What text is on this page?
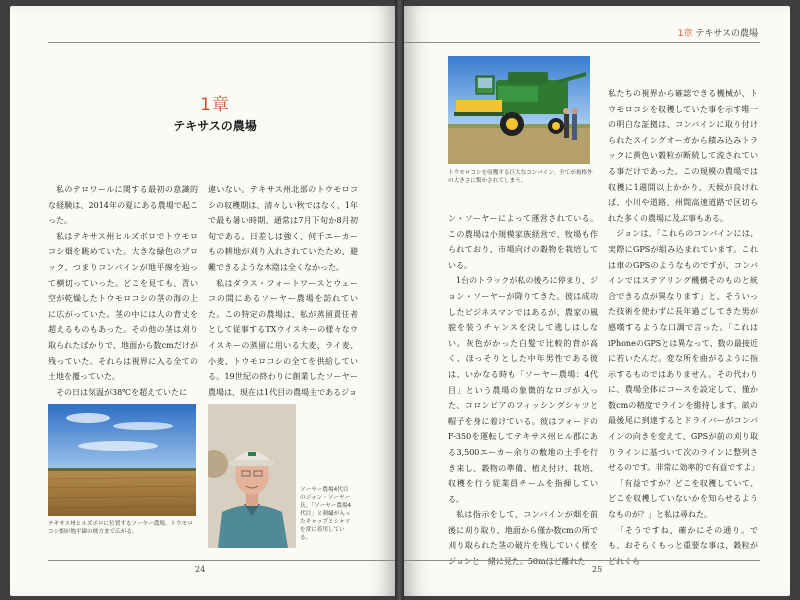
1章
テキサスの農場

私のテロワールに関する最初の意識的な経験は、2014年の夏にある農場で起こった。

私はテキサス州ヒルズボロでトウモロコシ畑を眺めていた。大きな緑色のブロック、つまりコンバインが地平線を辿って横切っていった。どこを見ても、青い空が乾燥したトウモロコシの茎の海の上に広がっていた。茎の中には人の背丈を超えるものもあった。その他の茎は刈り取られたばかりで、地面から数cmだけが残っていた。それらは視界に入る全ての土地を覆っていた。

その日は気温が38℃を超えていたに

違いない。テキサス州北部のトウモロコシの収穫期は、清々しい秋ではなく、1年で最も暑い時期、通常は7月下旬か8月初旬である。日差しは強く、何千エーカーもの耕地が刈り入れされていたため、避難できるような木陰は全くなかった。

私はダラス・フォートワースとウェーコの間にあるソーヤー農場を訪れていた。この特定の農場は、私が蒸留責任者として従事するTXウイスキーの様々なウイスキーの蒸留に用いる大麦、ライ麦、小麦、トウモロコシの全てを供給している。19世紀の終わりに創業したソーヤー農場は、現在は1代目の農場主であるジョ

テキサス州ヒルズボロに位置するソーヤー農場。トウモロコシ畑が地平線の彼方まで広がる。
ソーヤー農場4代目のジョン・ソーヤー氏。「ソーヤー農場4代目」と刺繍が入ったキャップとシャツを常に着用している。
24
1章 テキサスの農場
トウモロコシを収穫する巨大なコンバイン。全てが規格外の大きさに驚かされてしまう。

ン・ソーヤーによって運営されている。この農場は小規模家族経営で、牧場も作られており、市場向けの穀物を栽培している。

1台のトラックが私の後ろに停まり、ジョン・ソーヤーが降りてきた。彼は成功したビジネスマンではあるが、農家の風貌を装うチャンスを決して逃しはしない。灰色がかった白髪で比較的背が高く、ほっそりとした中年男性である彼は、いかなる時も「ソーヤー農場：4代目」という農場の象徴的なロゴが入った、コロンビアのフィッシングシャツと帽子を身に着けている。彼はフォードのF-350を運転してテキサス州ヒル郡にある3,500エーカー余りの敷地の土手を行き来し、穀物の準備、植え付け、栽培、収穫を行う従業員チームを指揮している。

私は指示をして、コンバインが畑を前後に刈り取り、地面から僅か数cmの所で刈り取られた茎の破片を残していく様をジョンと一緒に見た。50mほど離れた

私たちの視界から確認できる機械が、トウモロコシを収穫していた事を示す唯一の明白な証拠は、コンバインに取り付けられたスイングオーガから積み込みトラックに黄色い穀粒が断続して流されている事だけであった。この規模の農場では収穫に1週間以上かかり、天候が良ければ、小川や道路、州間高速道路で区切られた多くの農場に及ぶ事もある。

ジョンは、「これらのコンバインには、実際にGPSが組み込まれています。これは車のGPSのようなものですが、コンバインではステアリング機構そのものと統合できる点が異なります」と、そういった技術を使わずに長年過ごしてきた男が感嘆するような口調で言った。「これはiPhoneのGPSとは異なって、数の最接近に若いたんだ。変な所を曲がるように指示するものではありません。その代わりに、農場全体にコースを設定して、僅か数cmの精度でラインを維持します。畝の最後尾に到達するとドライバーがコンバインの向きを変えて、GPSが前の刈り取りラインに基づいて次のラインに整列させるのです。非常に効率的で有益ですよ」

「有益ですか？どこを収穫していて、どこを収穫していないかを知らせるようなものが？」と私は尋ねた。

「そうですね、確かにその通り。でも、おそらくもっと重要な事は、穀粒がどれくら

25
